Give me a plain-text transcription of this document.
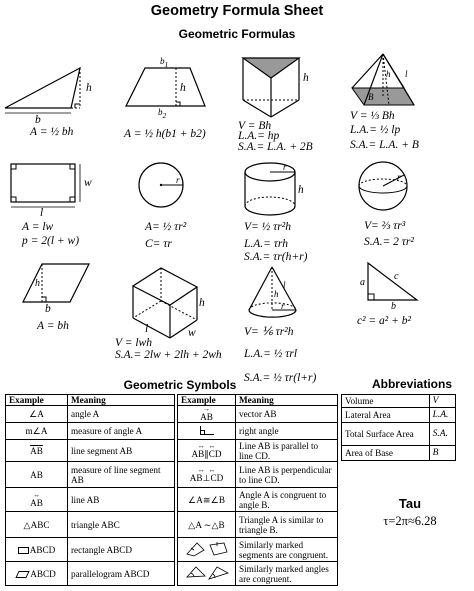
Geometry Formula Sheet
Geometric Formulas
h
b
$b_1$
h
$b_2$
h	h l
B
w
l
r
r
h
r
h
b	h
w
l
l
h
r
c
a
b
A = ½ bh	A = ½ h(b1 + b2)
V = Bh
L.A.= hp
S.A.= L.A. + 2B
V = ⅓ Bh
L.A.= ½ lp
S.A.= L.A. + B
A = lw
p = 2(l + w)
A= ½ τr²
C= τr
V= ½ τr²h
L.A.= τrh
S.A.= τr(h+r)
V= ⅔ τr³
S.A.= 2 τr²
A = bh
V = lwh
S.A.= 2lw + 2lh + 2wh
V= ⅙ τr²h
L.A.= ½ τrl
S.A.= ½ τr(l+r)
c² = a² + b²
Geometric Symbols
Example	Meaning
∠A	angle A
m∠A	measure of angle A
$\overline{AB}$	line segment AB
AB	measure of line segment AB

↔
AB	line AB
△ABC	triangle ABC
ABCD	rectangle ABCD
ABCD	parallelogram ABCD
Example	Meaning

→
AB	vector AB

	right angle

↔  ↔
AB∥CD	Line AB is parallel to line CD.

↔  ↔
AB⊥CD	Line AB is perpendicular to line CD.
∠A≅∠B	Angle A is congruent to angle B.
△A ∼△B	Triangle A is similar to triangle B.
	Similarly marked segments are congruent.
	Similarly marked angles are congruent.
Abbreviations
Volume	V
Lateral Area	L.A.
Total Surface Area	S.A.
Area of Base	B
Tau
τ=2π≈6.28
